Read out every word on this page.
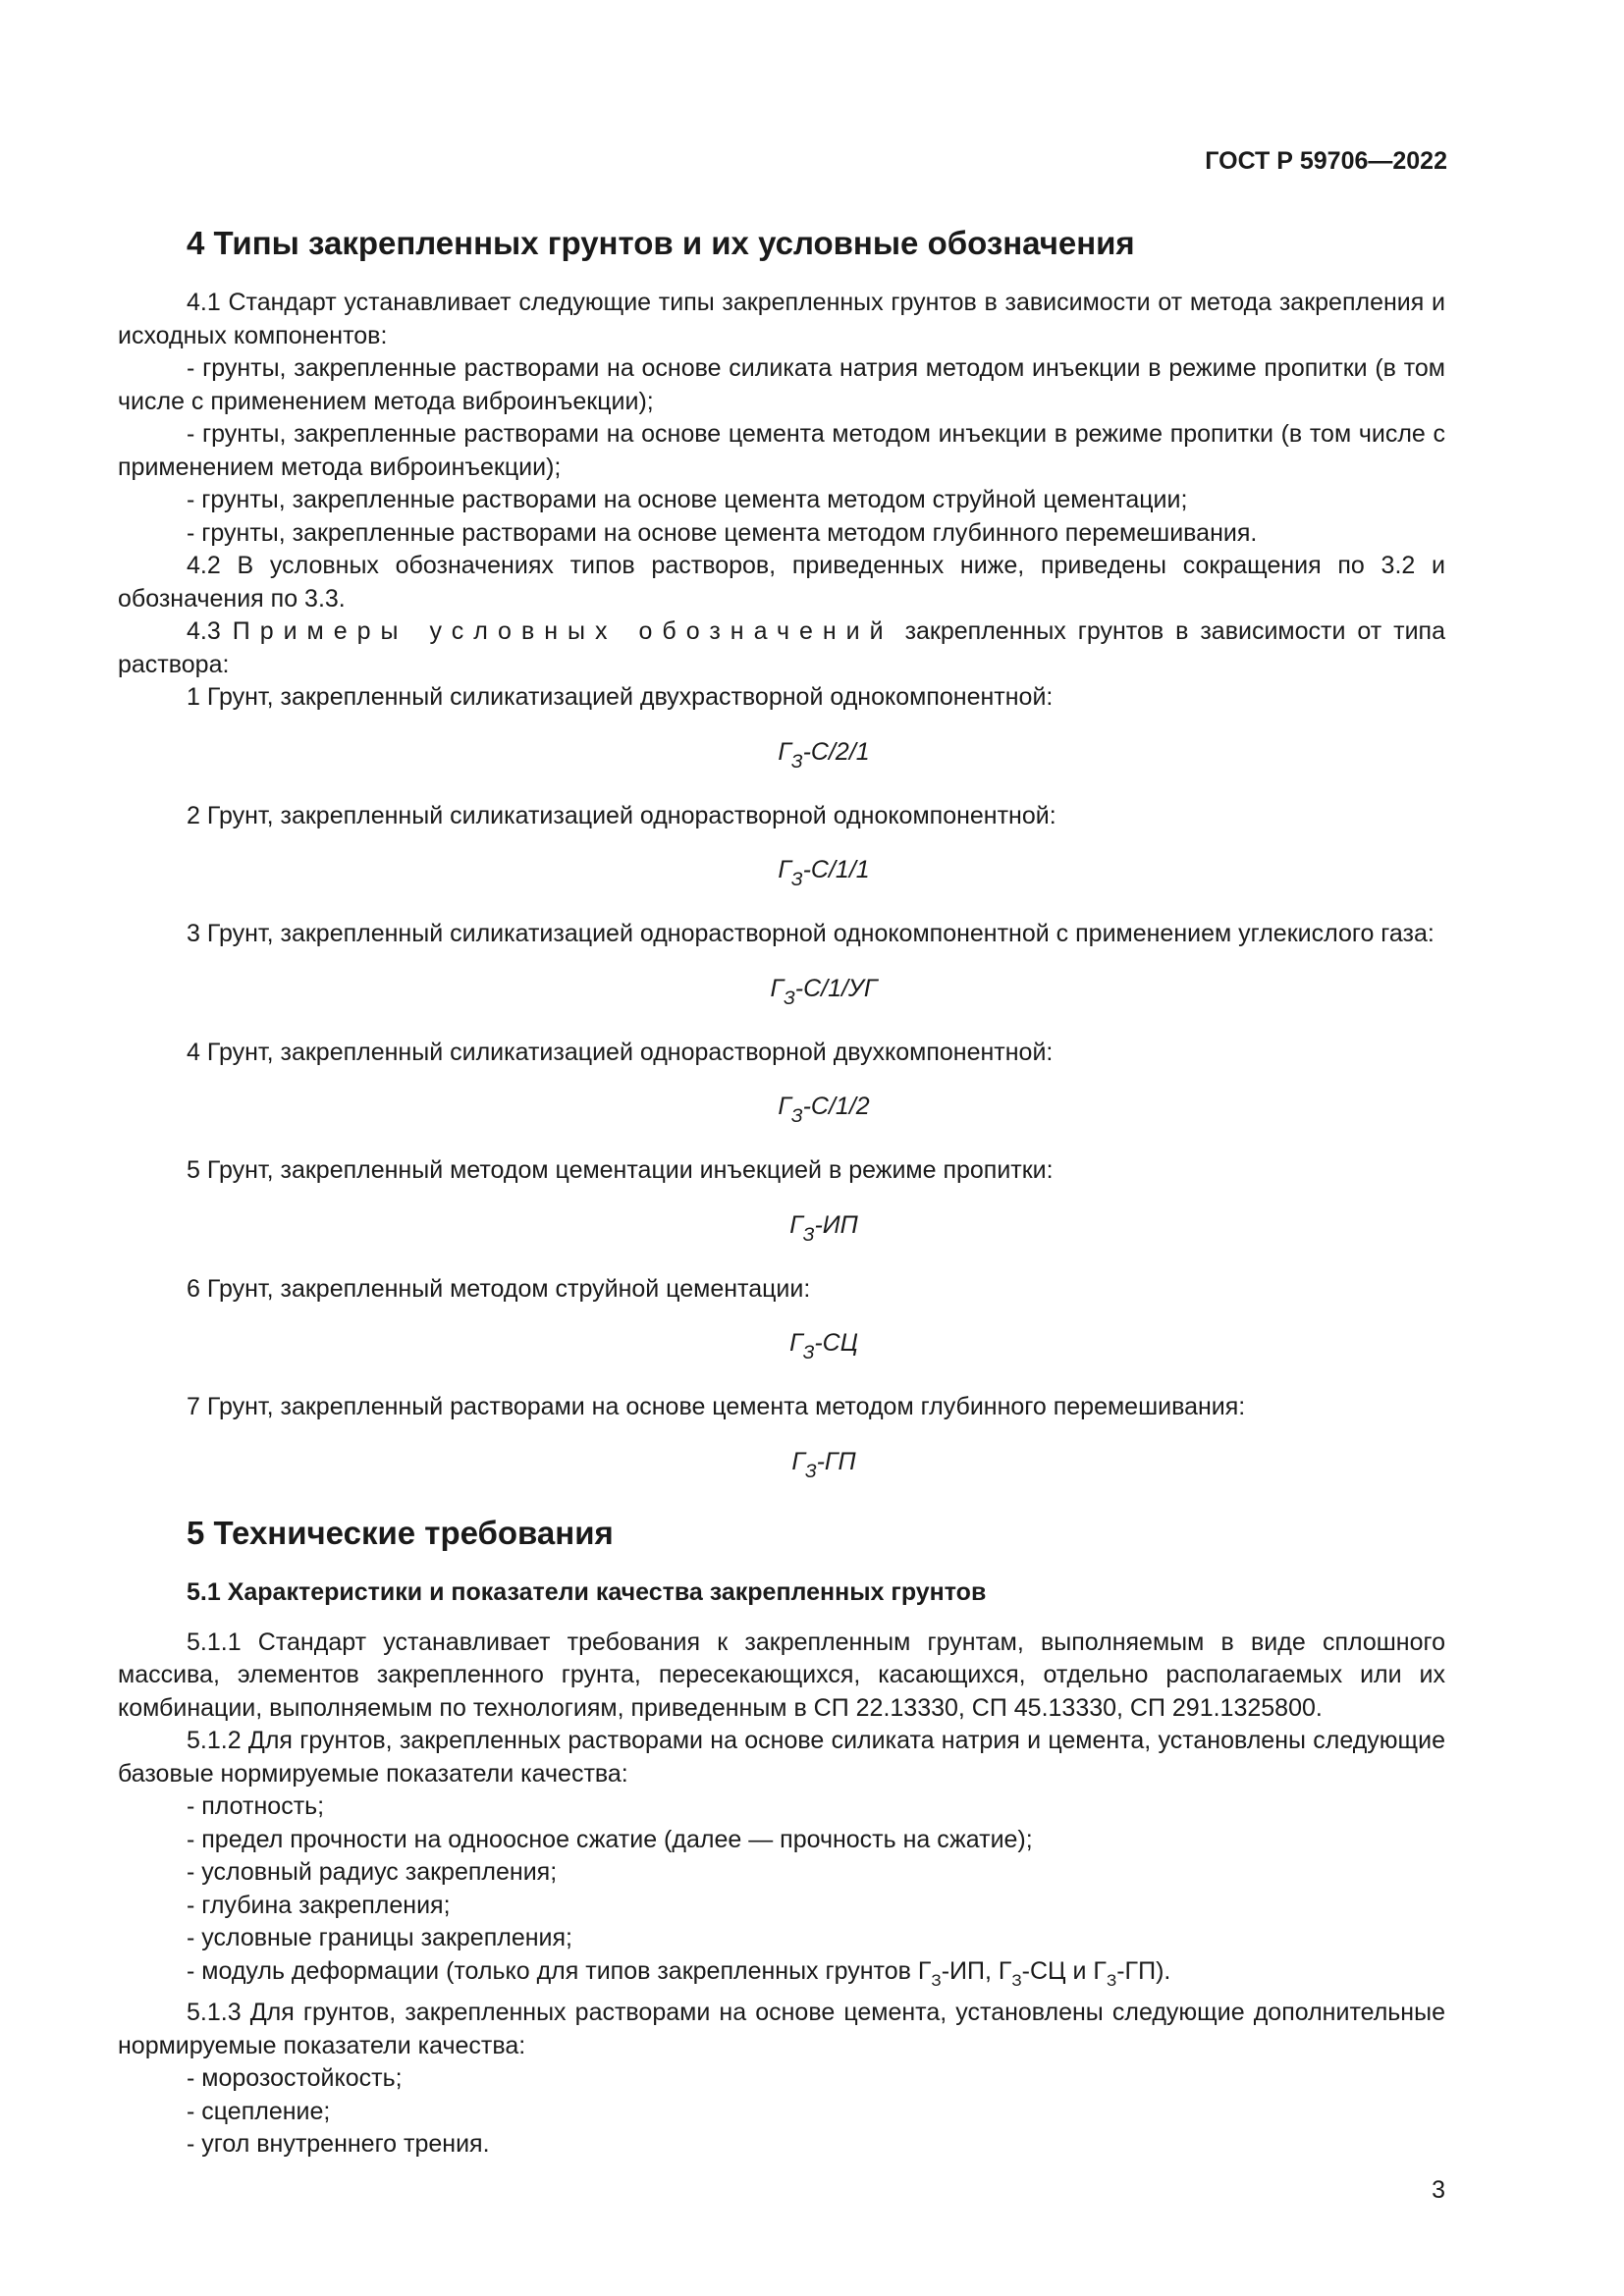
ГОСТ Р 59706—2022
4 Типы закрепленных грунтов и их условные обозначения

4.1 Стандарт устанавливает следующие типы закрепленных грунтов в зависимости от метода закрепления и исходных компонентов:

- грунты, закрепленные растворами на основе силиката натрия методом инъекции в режиме пропитки (в том числе с применением метода виброинъекции);

- грунты, закрепленные растворами на основе цемента методом инъекции в режиме пропитки (в том числе с применением метода виброинъекции);

- грунты, закрепленные растворами на основе цемента методом струйной цементации;

- грунты, закрепленные растворами на основе цемента методом глубинного перемешивания.

4.2 В условных обозначениях типов растворов, приведенных ниже, приведены сокращения по 3.2 и обозначения по 3.3.

4.3 Примеры условных обозначений закрепленных грунтов в зависимости от типа раствора:

1 Грунт, закрепленный силикатизацией двухрастворной однокомпонентной:

$Г_З-С/2/1$

2 Грунт, закрепленный силикатизацией однорастворной однокомпонентной:

$Г_З-С/1/1$

3 Грунт, закрепленный силикатизацией однорастворной однокомпонентной с применением углекислого газа:

$Г_З-С/1/УГ$

4 Грунт, закрепленный силикатизацией однорастворной двухкомпонентной:

$Г_З-С/1/2$

5 Грунт, закрепленный методом цементации инъекцией в режиме пропитки:

$Г_З-ИП$

6 Грунт, закрепленный методом струйной цементации:

$Г_З-СЦ$

7 Грунт, закрепленный растворами на основе цемента методом глубинного перемешивания:

$Г_З-ГП$
5 Технические требования
5.1 Характеристики и показатели качества закрепленных грунтов

5.1.1 Стандарт устанавливает требования к закрепленным грунтам, выполняемым в виде сплошного массива, элементов закрепленного грунта, пересекающихся, касающихся, отдельно располагаемых или их комбинации, выполняемым по технологиям, приведенным в СП 22.13330, СП 45.13330, СП 291.1325800.

5.1.2 Для грунтов, закрепленных растворами на основе силиката натрия и цемента, установлены следующие базовые нормируемые показатели качества:

- плотность;

- предел прочности на одноосное сжатие (далее — прочность на сжатие);

- условный радиус закрепления;

- глубина закрепления;

- условные границы закрепления;

- модуль деформации (только для типов закрепленных грунтов $Г_З-ИП$, $Г_З-СЦ$ и $Г_З-ГП$).

5.1.3 Для грунтов, закрепленных растворами на основе цемента, установлены следующие дополнительные нормируемые показатели качества:

- морозостойкость;

- сцепление;

- угол внутреннего трения.

3
